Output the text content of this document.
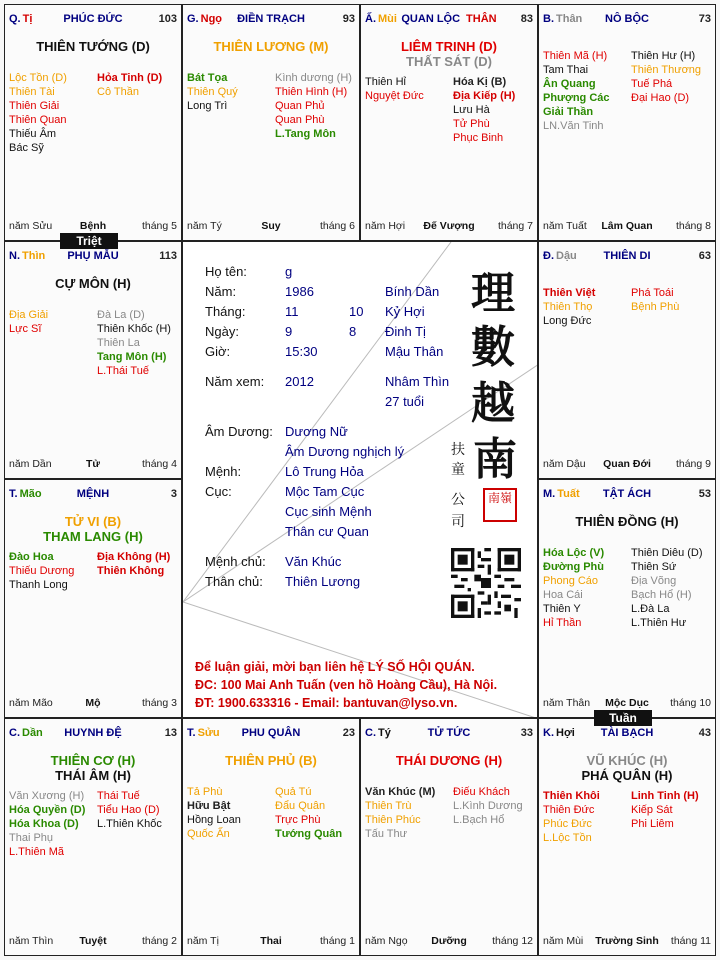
N. Thìn	PHỤ MẪU	113
CỰ MÔN (H)
Địa Giải
Lực Sĩ
Đà La (D)
Thiên Khốc (H)
Thiên La
Tang Môn (H)
L.Thái Tuế
năm Dần	Tử	tháng 4
T. Mão	MỆNH	3
TỬ VI (B)
THAM LANG (H)
Đào Hoa
Thiếu Dương
Thanh Long
Địa Không (H)
Thiên Không
năm Mão	Mộ	tháng 3
C. Dần	HUYNH ĐỆ	13
THIÊN CƠ (H)
THÁI ÂM (H)
Văn Xương (H)
Hóa Quyền (D)
Hóa Khoa (D)
Thai Phụ
L.Thiên Mã
Thái Tuế
Tiểu Hao (D)
L.Thiên Khốc
năm Thìn	Tuyệt	tháng 2
T. Sửu	PHU QUÂN	23
THIÊN PHỦ (B)
Tả Phù
Hữu Bật
Hồng Loan
Quốc Ấn
Quả Tú
Đẩu Quân
Trực Phù
Tướng Quân
năm Tị	Thai	tháng 1
C. Tý	TỬ TỨC	33
THÁI DƯƠNG (H)
Văn Khúc (M)
Thiên Trù
Thiên Phúc
Tấu Thư
Điếu Khách
L.Kình Dương
L.Bạch Hổ
năm Ngọ	Dưỡng	tháng 12
K. Hợi	TÀI BẠCH	43
VŨ KHÚC (H)
PHÁ QUÂN (H)
Thiên Khôi
Thiên Đức
Phúc Đức
L.Lộc Tồn
Linh Tinh (H)
Kiếp Sát
Phi Liêm
năm Mùi	Trường Sinh	tháng 11
M. Tuất	TẬT ÁCH	53
THIÊN ĐỒNG (H)
Hóa Lộc (V)
Đường Phù
Phong Cáo
Hoa Cái
Thiên Y
Hỉ Thần
Thiên Diêu (D)
Thiên Sứ
Địa Võng
Bạch Hổ (H)
L.Đà La
L.Thiên Hư
năm Thân	Mộc Dục	tháng 10
Đ. Dậu	THIÊN DI	63
Thiên Việt
Thiên Thọ
Long Đức
Phá Toái
Bệnh Phù
năm Dậu	Quan Đới	tháng 9
B. Thân	NÔ BỘC	73
Thiên Mã (H)
Tam Thai
Ân Quang
Phượng Các
Giải Thần
LN.Văn Tinh
Thiên Hư (H)
Thiên Thương
Tuế Phá
Đại Hao (D)
năm Tuất	Lâm Quan	tháng 8
Ấ. Mùi QUAN LỘC THÂN	83
LIÊM TRINH (D)
THẤT SÁT (D)
Thiên Hỉ
Nguyệt Đức
Hóa Kị (B)
Địa Kiếp (H)
Lưu Hà
Tử Phù
Phục Binh
năm Hợi	Đế Vượng	tháng 7
G. Ngọ	ĐIỀN TRẠCH	93
THIÊN LƯƠNG (M)
Bát Tọa
Thiên Quý
Long Trì
Kình dương (H)
Thiên Hình (H)
Quan Phủ
Quan Phù
L.Tang Môn
năm Tý	Suy	tháng 6
Q. Tị	PHÚC ĐỨC	103
THIÊN TƯỚNG (D)
Lộc Tồn (D)
Thiên Tài
Thiên Giải
Thiên Quan
Thiếu Âm
Bác Sỹ
Hỏa Tinh (D)
Cô Thần
năm Sửu	Bệnh	tháng 5
Họ tên:	g
Năm:	1986	Bính Dần
Tháng:	11	10 Kỷ Hợi
Ngày:	9	8 Đinh Tị
Giờ:	15:30	Mậu Thân
Năm xem: 2012	Nhâm Thìn
27 tuổi
Âm Dương: Dương Nữ
Âm Dương nghịch lý
Mệnh:	Lô Trung Hỏa
Cục:	Mộc Tam Cục
Cục sinh Mệnh
Thân cư Quan
Mệnh chủ: Văn Khúc
Thân chủ: Thiên Lương
理
數
越
南
扶
童
公
司
南嶺
Để luận giải, mời bạn liên hệ LÝ SỐ HỘI QUÁN.
ĐC: 100 Mai Anh Tuấn (ven hồ Hoàng Cầu), Hà Nội.
ĐT: 1900.633316 - Email: bantuvan@lyso.vn.
Triệt
Tuần
